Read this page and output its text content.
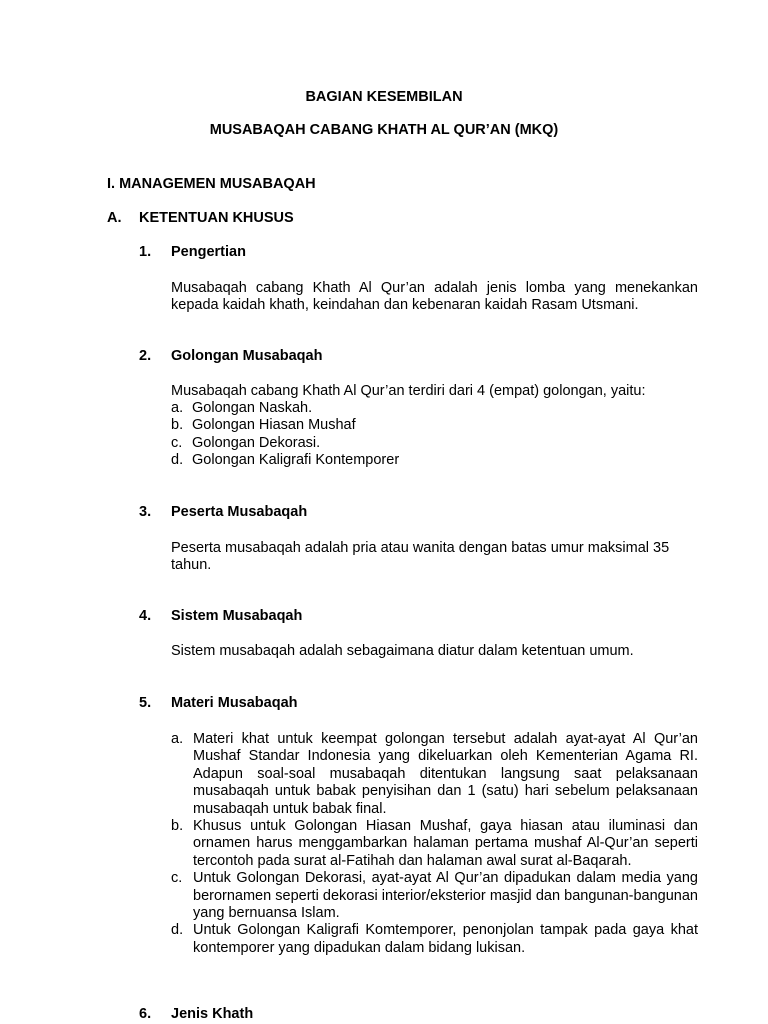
BAGIAN KESEMBILAN
MUSABAQAH CABANG KHATH AL QUR’AN (MKQ)
I. MANAGEMEN MUSABAQAH
A. KETENTUAN KHUSUS
1. Pengertian

Musabaqah cabang Khath Al Qur’an adalah jenis lomba yang menekankan kepada kaidah khath, keindahan dan kebenaran kaidah Rasam Utsmani.

2. Golongan Musabaqah
Musabaqah cabang Khath Al Qur’an terdiri dari 4 (empat) golongan, yaitu:
a. Golongan Naskah.
b. Golongan Hiasan Mushaf
c. Golongan Dekorasi.
d. Golongan Kaligrafi Kontemporer
3. Peserta Musabaqah

Peserta musabaqah adalah pria atau wanita dengan batas umur maksimal 35 tahun.

4. Sistem Musabaqah
Sistem musabaqah adalah sebagaimana diatur dalam ketentuan umum.
5. Materi Musabaqah
a. Materi khat untuk keempat golongan tersebut adalah ayat-ayat Al Qur’an Mushaf Standar Indonesia yang dikeluarkan oleh Kementerian Agama RI. Adapun soal-soal musabaqah ditentukan langsung saat pelaksanaan musabaqah untuk babak penyisihan dan 1 (satu) hari sebelum pelaksanaan musabaqah untuk babak final.
b. Khusus untuk Golongan Hiasan Mushaf, gaya hiasan atau iluminasi dan ornamen harus menggambarkan halaman pertama mushaf Al-Qur’an seperti tercontoh pada surat al-Fatihah dan halaman awal surat al-Baqarah.
c. Untuk Golongan Dekorasi, ayat-ayat Al Qur’an dipadukan dalam media yang berornamen seperti dekorasi interior/eksterior masjid dan bangunan-bangunan yang bernuansa Islam.
d. Untuk Golongan Kaligrafi Komtemporer, penonjolan tampak pada gaya khat kontemporer yang dipadukan dalam bidang lukisan.
6. Jenis Khath
